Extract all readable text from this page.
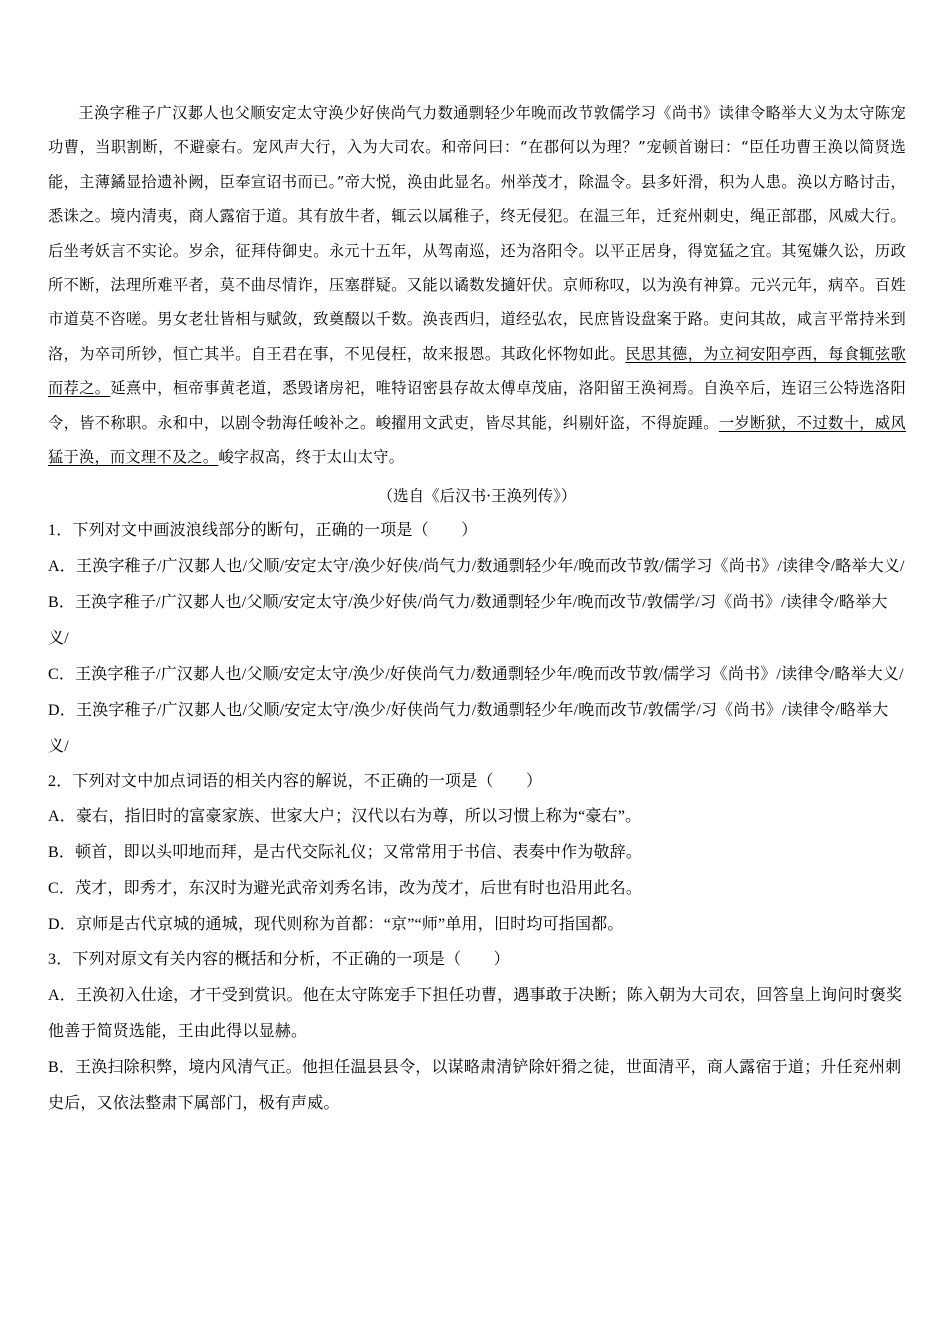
王涣字稚子广汉郪人也父顺安定太守涣少好侠尚气力数通剽轻少年晚而改节敦儒学习《尚书》读律令略举大义为太守陈宠功曹，当职割断，不避豪右。宠风声大行，入为大司农。和帝问曰：“在郡何以为理？”宠顿首谢曰：“臣任功曹王涣以简贤选能，主薄鐍显拾遗补阙，臣奉宣诏书而已。”帝大悦，涣由此显名。州举茂才，除温令。县多奸滑，积为人患。涣以方略讨击，悉诛之。境内清夷，商人露宿于道。其有放牛者，辄云以属稚子，终无侵犯。在温三年，迁兖州刺史，绳正部郡，风威大行。后坐考妖言不实论。岁余，征拜侍御史。永元十五年，从驾南巡，还为洛阳令。以平正居身，得宽猛之宜。其冤嫌久讼，历政所不断，法理所难平者，莫不曲尽情诈，压塞群疑。又能以谲数发擿奸伏。京师称叹，以为涣有神算。元兴元年，病卒。百姓市道莫不咨嗟。男女老壮皆相与赋敛，致奠醊以千数。涣丧西归，道经弘农，民庶皆设盘案于路。吏问其故，咸言平常持米到洛，为卒司所钞，恒亡其半。自王君在事，不见侵枉，故来报恩。其政化怀物如此。民思其德，为立祠安阳亭西，每食辄弦歌而荐之。延熹中，桓帝事黄老道，悉毁诸房祀，唯特诏密县存故太傅卓茂庙，洛阳留王涣祠焉。自涣卒后，连诏三公特选洛阳令，皆不称职。永和中，以剧令勃海任峻补之。峻擢用文武吏，皆尽其能，纠剔奸盗，不得旋踵。一岁断狱，不过数十，威风猛于涣，而文理不及之。峻字叔高，终于太山太守。

（选自《后汉书·王涣列传》）

1．下列对文中画波浪线部分的断句，正确的一项是（　　）

A．王涣字稚子/广汉郪人也/父顺/安定太守/涣少好侠/尚气力/数通剽轻少年/晚而改节敦/儒学习《尚书》/读律令/略举大义/

B．王涣字稚子/广汉郪人也/父顺/安定太守/涣少好侠/尚气力/数通剽轻少年/晚而改节/敦儒学/习《尚书》/读律令/略举大义/

C．王涣字稚子/广汉郪人也/父顺/安定太守/涣少/好侠尚气力/数通剽轻少年/晚而改节敦/儒学习《尚书》/读律令/略举大义/

D．王涣字稚子/广汉郪人也/父顺/安定太守/涣少/好侠尚气力/数通剽轻少年/晚而改节/敦儒学/习《尚书》/读律令/略举大义/

2．下列对文中加点词语的相关内容的解说，不正确的一项是（　　）

A．豪右，指旧时的富豪家族、世家大户；汉代以右为尊，所以习惯上称为“豪右”。

B．顿首，即以头叩地而拜，是古代交际礼仪；又常常用于书信、表奏中作为敬辞。

C．茂才，即秀才，东汉时为避光武帝刘秀名讳，改为茂才，后世有时也沿用此名。

D．京师是古代京城的通城，现代则称为首都：“京”“师”单用，旧时均可指国都。

3．下列对原文有关内容的概括和分析，不正确的一项是（　　）

A．王涣初入仕途，才干受到赏识。他在太守陈宠手下担任功曹，遇事敢于决断；陈入朝为大司农，回答皇上询问时褒奖他善于简贤选能，王由此得以显赫。

B．王涣扫除积弊，境内风清气正。他担任温县县令，以谋略肃清铲除奸猾之徒，世面清平，商人露宿于道；升任兖州刺史后，又依法整肃下属部门，极有声威。
